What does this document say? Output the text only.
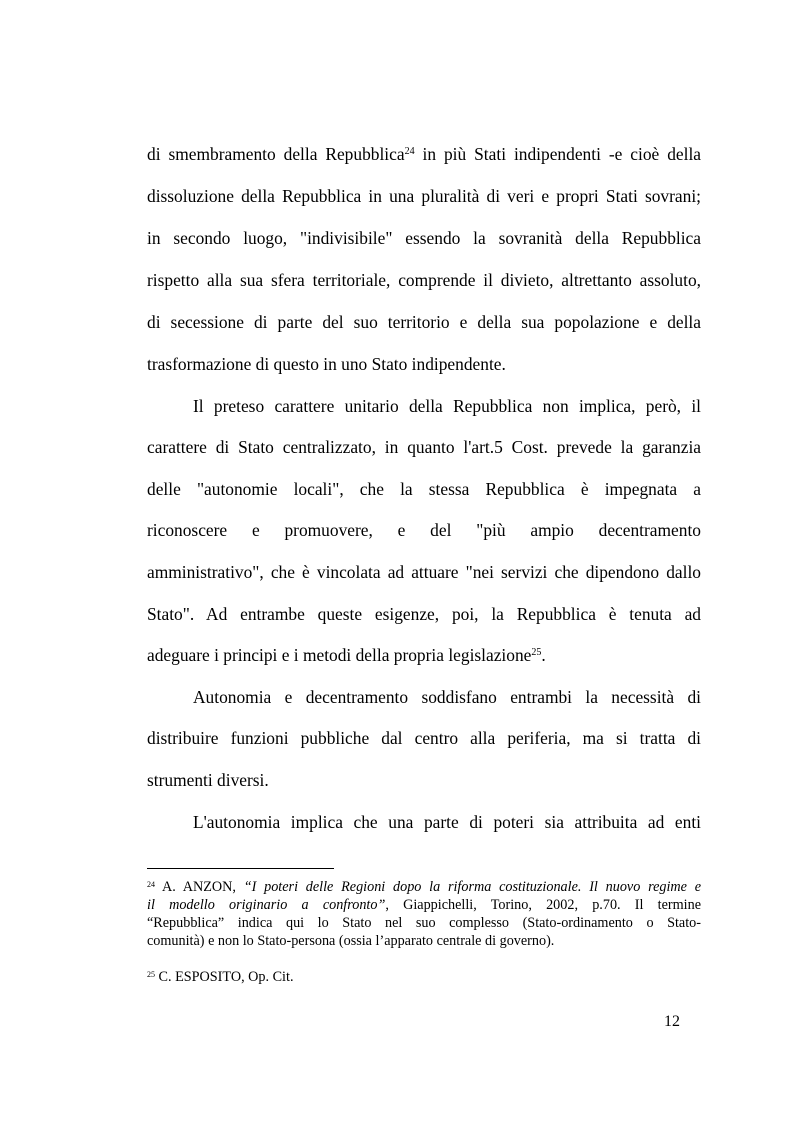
di smembramento della Repubblica$^{24}$ in più Stati indipendenti -e cioè della
dissoluzione della Repubblica in una pluralità di veri e propri Stati sovrani;
in secondo luogo, "indivisibile" essendo la sovranità della Repubblica
rispetto alla sua sfera territoriale, comprende il divieto, altrettanto assoluto,
di secessione di parte del suo territorio e della sua popolazione e della
trasformazione di questo in uno Stato indipendente.
Il preteso carattere unitario della Repubblica non implica, però, il
carattere di Stato centralizzato, in quanto l'art.5 Cost. prevede la garanzia
delle "autonomie locali", che la stessa Repubblica è impegnata a
riconoscere e promuovere, e del "più ampio decentramento
amministrativo", che è vincolata ad attuare "nei servizi che dipendono dallo
Stato". Ad entrambe queste esigenze, poi, la Repubblica è tenuta ad
adeguare i principi e i metodi della propria legislazione$^{25}$.
Autonomia e decentramento soddisfano entrambi la necessità di
distribuire funzioni pubbliche dal centro alla periferia, ma si tratta di
strumenti diversi.
L'autonomia implica che una parte di poteri sia attribuita ad enti
$^{24}$ A. ANZON, “I poteri delle Regioni dopo la riforma costituzionale. Il nuovo regime e
il modello originario a confronto”, Giappichelli, Torino, 2002, p.70. Il termine
“Repubblica” indica qui lo Stato nel suo complesso (Stato-ordinamento o Stato-
comunità) e non lo Stato-persona (ossia l’apparato centrale di governo).
$^{25}$ C. ESPOSITO, Op. Cit.
12
